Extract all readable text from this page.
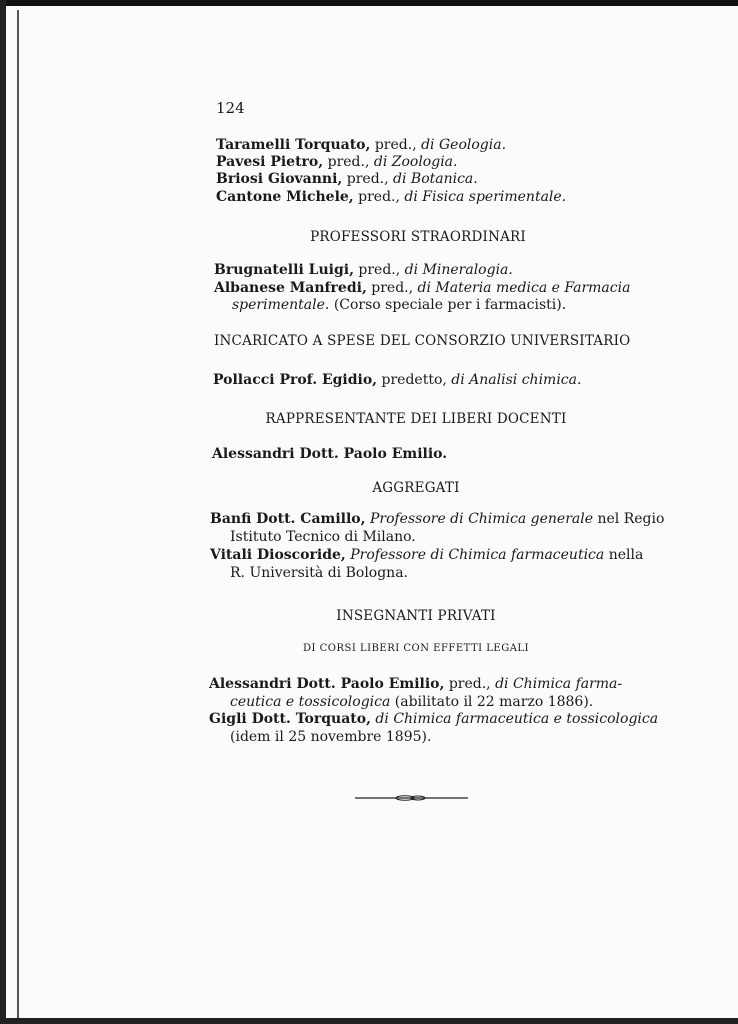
124
Taramelli Torquato, pred., di Geologia.
Pavesi Pietro, pred., di Zoologia.
Briosi Giovanni, pred., di Botanica.
Cantone Michele, pred., di Fisica sperimentale.
PROFESSORI STRAORDINARI
Brugnatelli Luigi, pred., di Mineralogia.
Albanese Manfredi, pred., di Materia medica e Farmacia
sperimentale. (Corso speciale per i farmacisti).
INCARICATO A SPESE DEL CONSORZIO UNIVERSITARIO
Pollacci Prof. Egidio, predetto, di Analisi chimica.
RAPPRESENTANTE DEI LIBERI DOCENTI
Alessandri Dott. Paolo Emilio.
AGGREGATI
Banfi Dott. Camillo, Professore di Chimica generale nel Regio
Istituto Tecnico di Milano.
Vitali Dioscoride, Professore di Chimica farmaceutica nella
R. Università di Bologna.
INSEGNANTI PRIVATI
DI CORSI LIBERI CON EFFETTI LEGALI
Alessandri Dott. Paolo Emilio, pred., di Chimica farma-
ceutica e tossicologica (abilitato il 22 marzo 1886).
Gigli Dott. Torquato, di Chimica farmaceutica e tossicologica
(idem il 25 novembre 1895).
